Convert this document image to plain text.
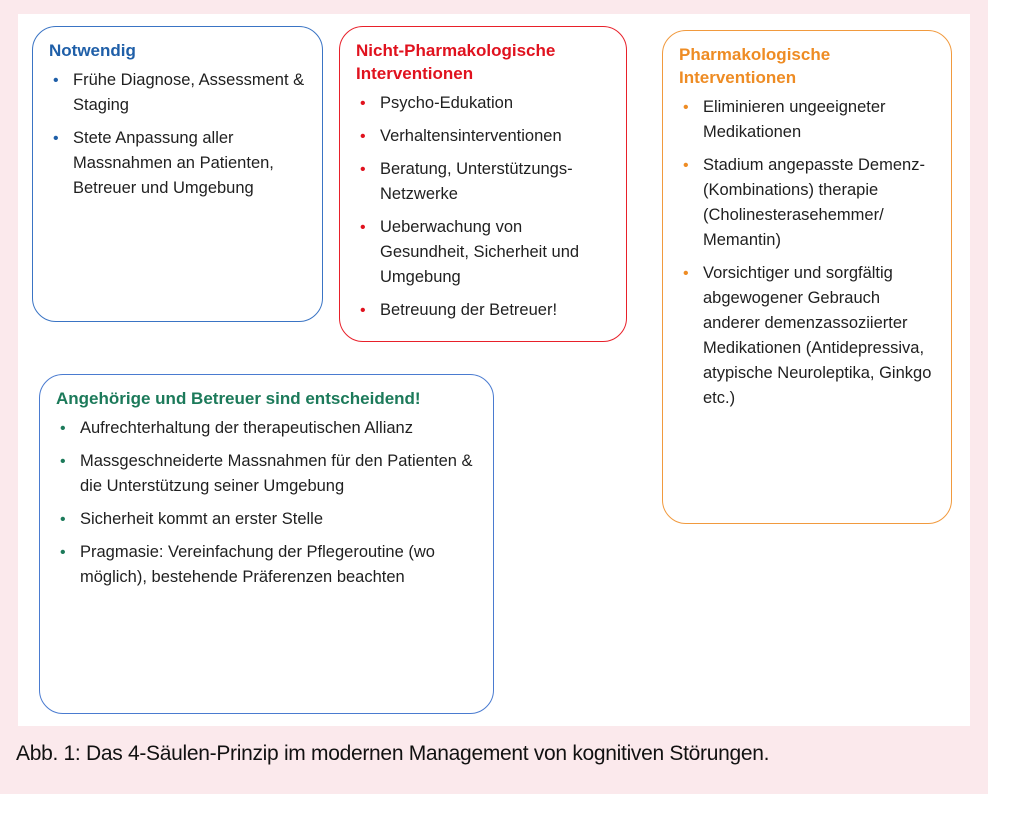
Notwendig
• Frühe Diagnose, Assessment & Staging
• Stete Anpassung aller Massnahmen an Patienten, Betreuer und Umgebung
Nicht-Pharmakologische Interventionen
• Psycho-Edukation
• Verhaltensinterventionen
• Beratung, Unterstützungs-Netzwerke
• Ueberwachung von Gesundheit, Sicherheit und Umgebung
• Betreuung der Betreuer!
Pharmakologische Interventionen
• Eliminieren ungeeigneter Medikationen
• Stadium angepasste Demenz-(Kombinations) therapie (Cholinesterasehemmer/ Memantin)
• Vorsichtiger und sorgfältig abgewogener Gebrauch anderer demenzassoziierter Medikationen (Antidepressiva, atypische Neuroleptika, Ginkgo etc.)
Angehörige und Betreuer sind entscheidend!
• Aufrechterhaltung der therapeutischen Allianz
• Massgeschneiderte Massnahmen für den Patienten & die Unterstützung seiner Umgebung
• Sicherheit kommt an erster Stelle
• Pragmasie: Vereinfachung der Pflegeroutine (wo möglich), bestehende Präferenzen beachten
Abb. 1: Das 4-Säulen-Prinzip im modernen Management von kognitiven Störungen.
